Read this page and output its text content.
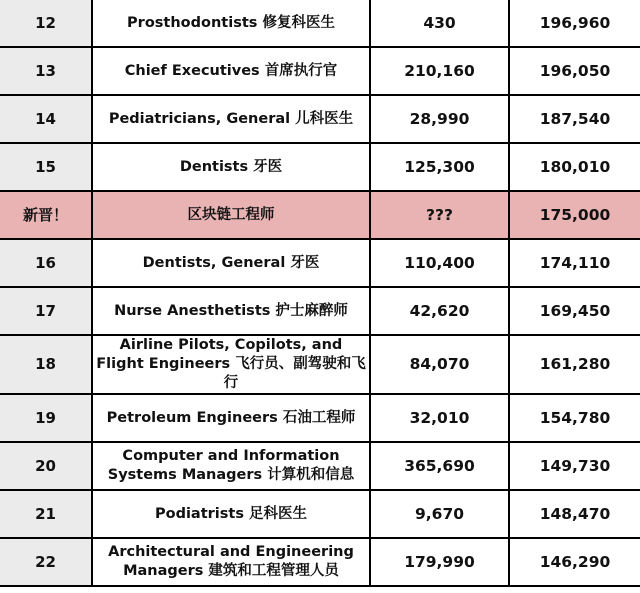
12	Prosthodontists 修复科医生	430	196,960
13	Chief Executives 首席执行官	210,160	196,050
14	Pediatricians, General 儿科医生	28,990	187,540
15	Dentists 牙医	125,300	180,010
新晋！	区块链工程师	???	175,000
16	Dentists, General 牙医	110,400	174,110
17	Nurse Anesthetists 护士麻醉师	42,620	169,450
18	Airline Pilots, Copilots, and Flight Engineers 飞行员、副驾驶和飞行	84,070	161,280
19	Petroleum Engineers 石油工程师	32,010	154,780
20	Computer and Information Systems Managers 计算机和信息	365,690	149,730
21	Podiatrists 足科医生	9,670	148,470
22	Architectural and Engineering Managers 建筑和工程管理人员	179,990	146,290
